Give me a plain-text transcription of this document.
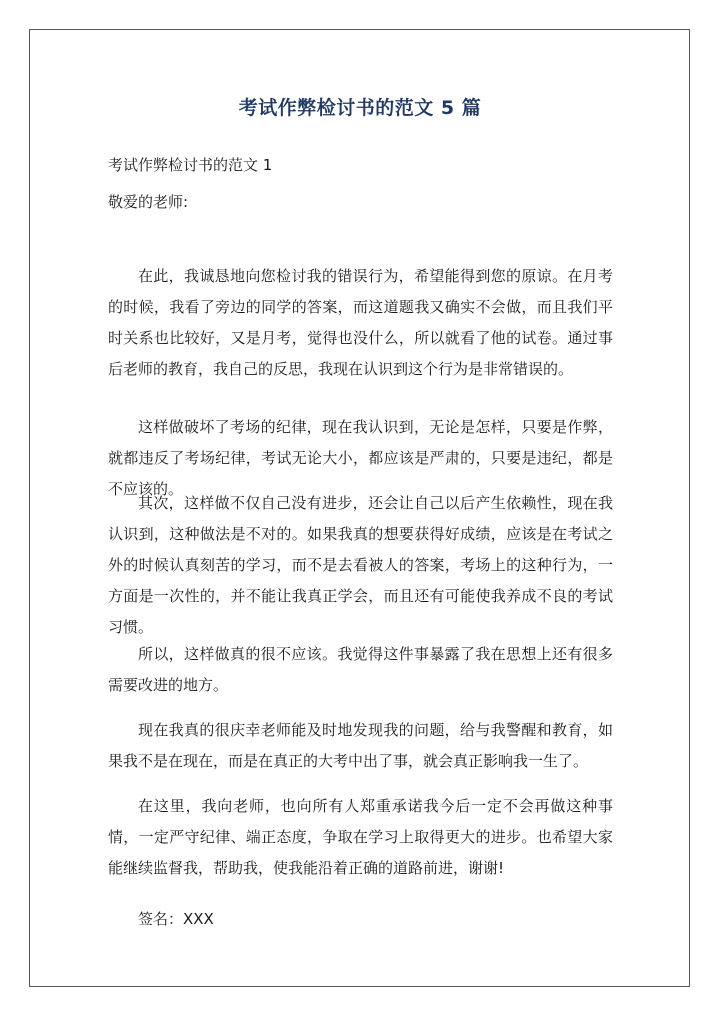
考试作弊检讨书的范文 5 篇
考试作弊检讨书的范文 1
敬爱的老师:

在此，我诚恳地向您检讨我的错误行为，希望能得到您的原谅。在月考的时候，我看了旁边的同学的答案，而这道题我又确实不会做，而且我们平时关系也比较好，又是月考，觉得也没什么，所以就看了他的试卷。通过事后老师的教育，我自己的反思，我现在认识到这个行为是非常错误的。

这样做破坏了考场的纪律，现在我认识到，无论是怎样，只要是作弊，就都违反了考场纪律，考试无论大小，都应该是严肃的，只要是违纪，都是不应该的。

其次，这样做不仅自己没有进步，还会让自己以后产生依赖性，现在我认识到，这种做法是不对的。如果我真的想要获得好成绩，应该是在考试之外的时候认真刻苦的学习，而不是去看被人的答案，考场上的这种行为，一方面是一次性的，并不能让我真正学会，而且还有可能使我养成不良的考试习惯。

所以，这样做真的很不应该。我觉得这件事暴露了我在思想上还有很多需要改进的地方。

现在我真的很庆幸老师能及时地发现我的问题，给与我警醒和教育，如果我不是在现在，而是在真正的大考中出了事，就会真正影响我一生了。

在这里，我向老师，也向所有人郑重承诺我今后一定不会再做这种事情，一定严守纪律、端正态度，争取在学习上取得更大的进步。也希望大家能继续监督我，帮助我，使我能沿着正确的道路前进，谢谢!

签名：XXX
